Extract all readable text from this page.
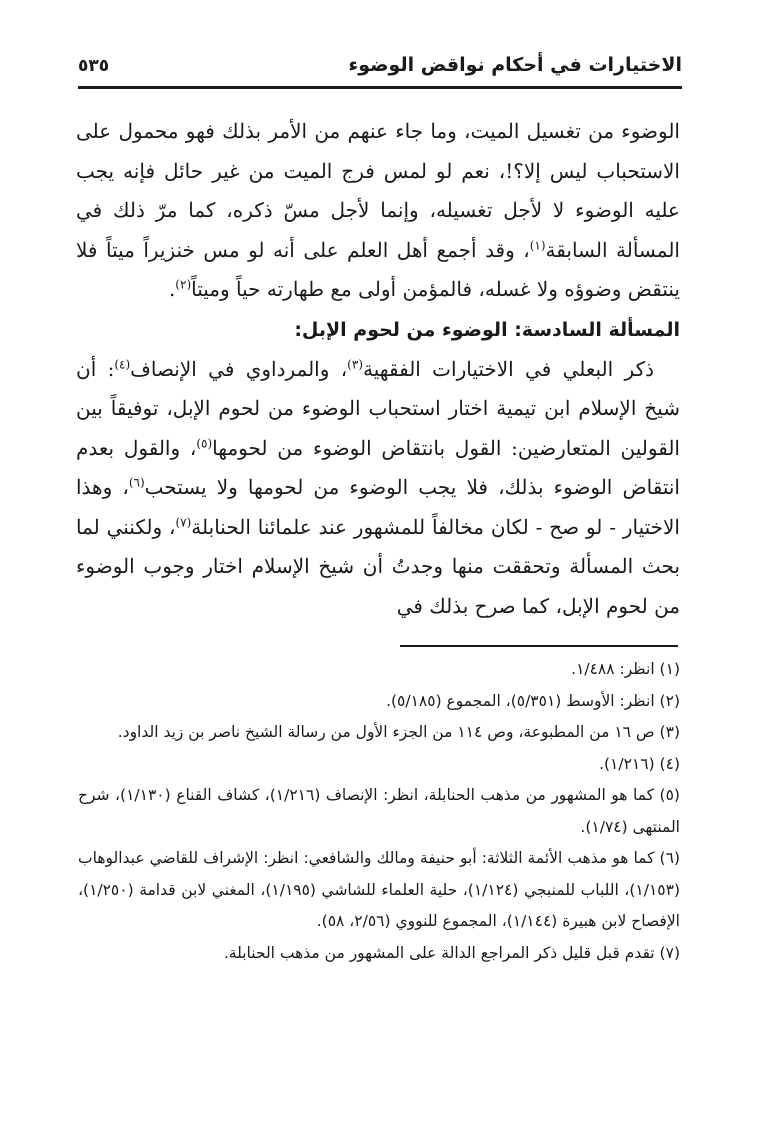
الاختيارات في أحكام نواقض الوضوء
٥٣٥

الوضوء من تغسيل الميت، وما جاء عنهم من الأمر بذلك فهو محمول على الاستحباب ليس إلا؟!، نعم لو لمس فرج الميت من غير حائل فإنه يجب عليه الوضوء لا لأجل تغسيله، وإنما لأجل مسّ ذكره، كما مرّ ذلك في المسألة السابقة$^{(١)}$، وقد أجمع أهل العلم على أنه لو مس خنزيراً ميتاً فلا ينتقض وضوؤه ولا غسله، فالمؤمن أولى مع طهارته حياً وميتاً$^{(٢)}$.

المسألة السادسة: الوضوء من لحوم الإبل:

ذكر البعلي في الاختيارات الفقهية$^{(٣)}$، والمرداوي في الإنصاف$^{(٤)}$: أن شيخ الإسلام ابن تيمية اختار استحباب الوضوء من لحوم الإبل، توفيقاً بين القولين المتعارضين: القول بانتقاض الوضوء من لحومها$^{(٥)}$، والقول بعدم انتقاض الوضوء بذلك، فلا يجب الوضوء من لحومها ولا يستحب$^{(٦)}$، وهذا الاختيار - لو صح - لكان مخالفاً للمشهور عند علمائنا الحنابلة$^{(٧)}$، ولكنني لما بحث المسألة وتحققت منها وجدتُ أن شيخ الإسلام اختار وجوب الوضوء من لحوم الإبل، كما صرح بذلك في

(١) انظر: ١/٤٨٨.

(٢) انظر: الأوسط (٥/٣٥١)، المجموع (٥/١٨٥).

(٣) ص ١٦ من المطبوعة، وص ١١٤ من الجزء الأول من رسالة الشيخ ناصر بن زيد الداود.

(٤) (١/٢١٦).

(٥) كما هو المشهور من مذهب الحنابلة، انظر: الإنصاف (١/٢١٦)، كشاف القناع (١/١٣٠)، شرح المنتهى (١/٧٤).

(٦) كما هو مذهب الأئمة الثلاثة: أبو حنيفة ومالك والشافعي: انظر: الإشراف للقاضي عبدالوهاب (١/١٥٣)، اللباب للمنبجي (١/١٢٤)، حلية العلماء للشاشي (١/١٩٥)، المغني لابن قدامة (١/٢٥٠)، الإفصاح لابن هبيرة (١/١٤٤)، المجموع للنووي (٢/٥٦، ٥٨).

(٧) تقدم قبل قليل ذكر المراجع الدالة على المشهور من مذهب الحنابلة.
